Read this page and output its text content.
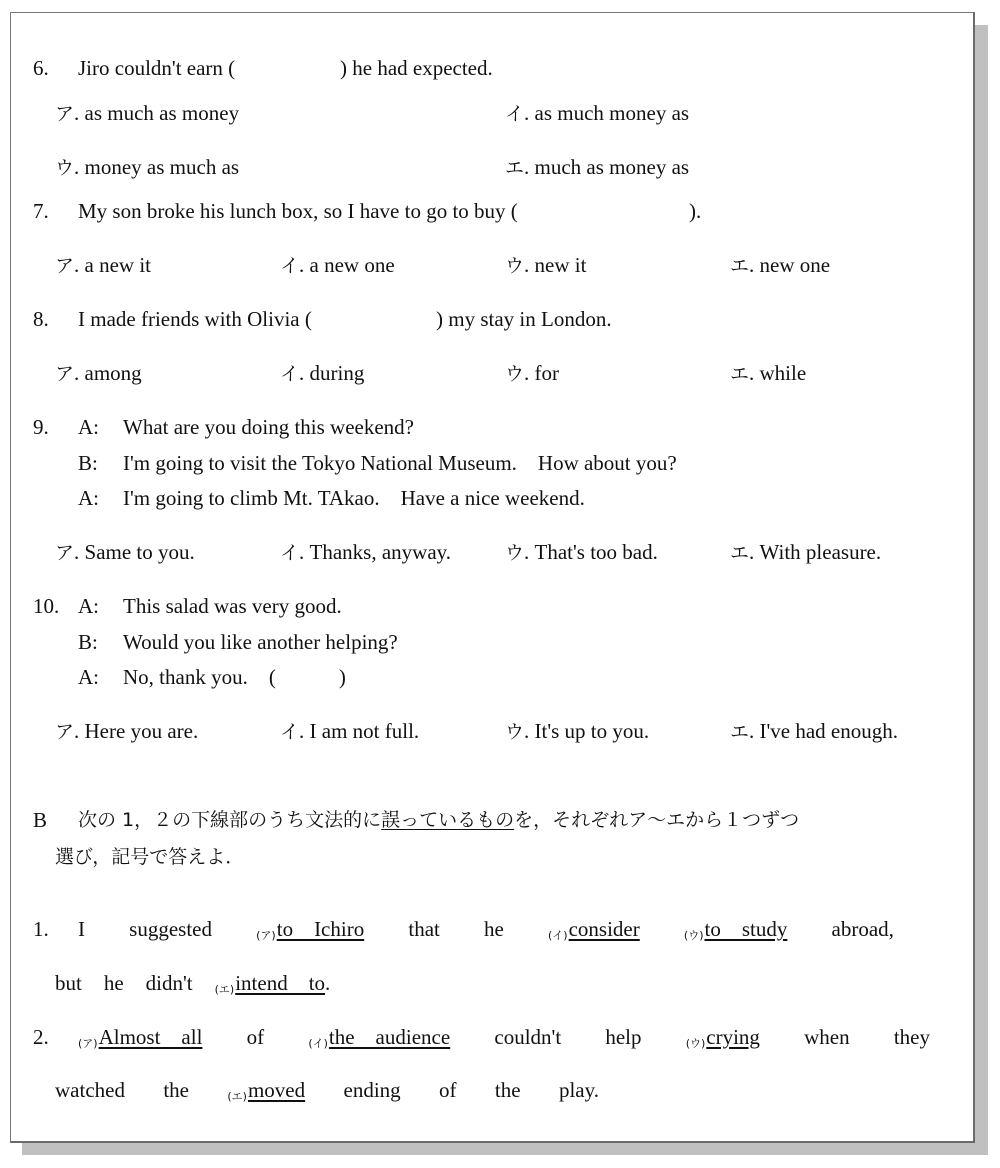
6. Jiro couldn't earn (	) he had expected.
ア. as much as money	イ. as much money as
ウ. money as much as	エ. much as money as
7. My son broke his lunch box, so I have to go to buy (	).
ア. a new it	イ. a new one	ウ. new it	エ. new one
8. I made friends with Olivia (	) my stay in London.
ア. among	イ. during	ウ. for	エ. while
9. A: What are you doing this weekend?
B: I'm going to visit the Tokyo National Museum.　How about you?
A: I'm going to climb Mt. TAkao.　Have a nice weekend.
ア. Same to you.	イ. Thanks, anyway.	ウ. That's too bad.	エ. With pleasure.
10. A: This salad was very good.
B: Would you like another helping?
A: No, thank you.　(　　　)
ア. Here you are.	イ. I am not full.	ウ. It's up to you.	エ. I've had enough.
B 次の 1，２の下線部のうち文法的に誤っているものを，それぞれア～エから１つずつ
選び，記号で答えよ．
1. I suggested	(ア)to Ichiro that he	(イ)consider	(ウ)to study abroad,
but he didn't (エ)intend to.
2.	(ア)Almost all of	(イ)the audience couldn't help	(ウ)crying when they
watched the	(エ)moved ending of the play.
